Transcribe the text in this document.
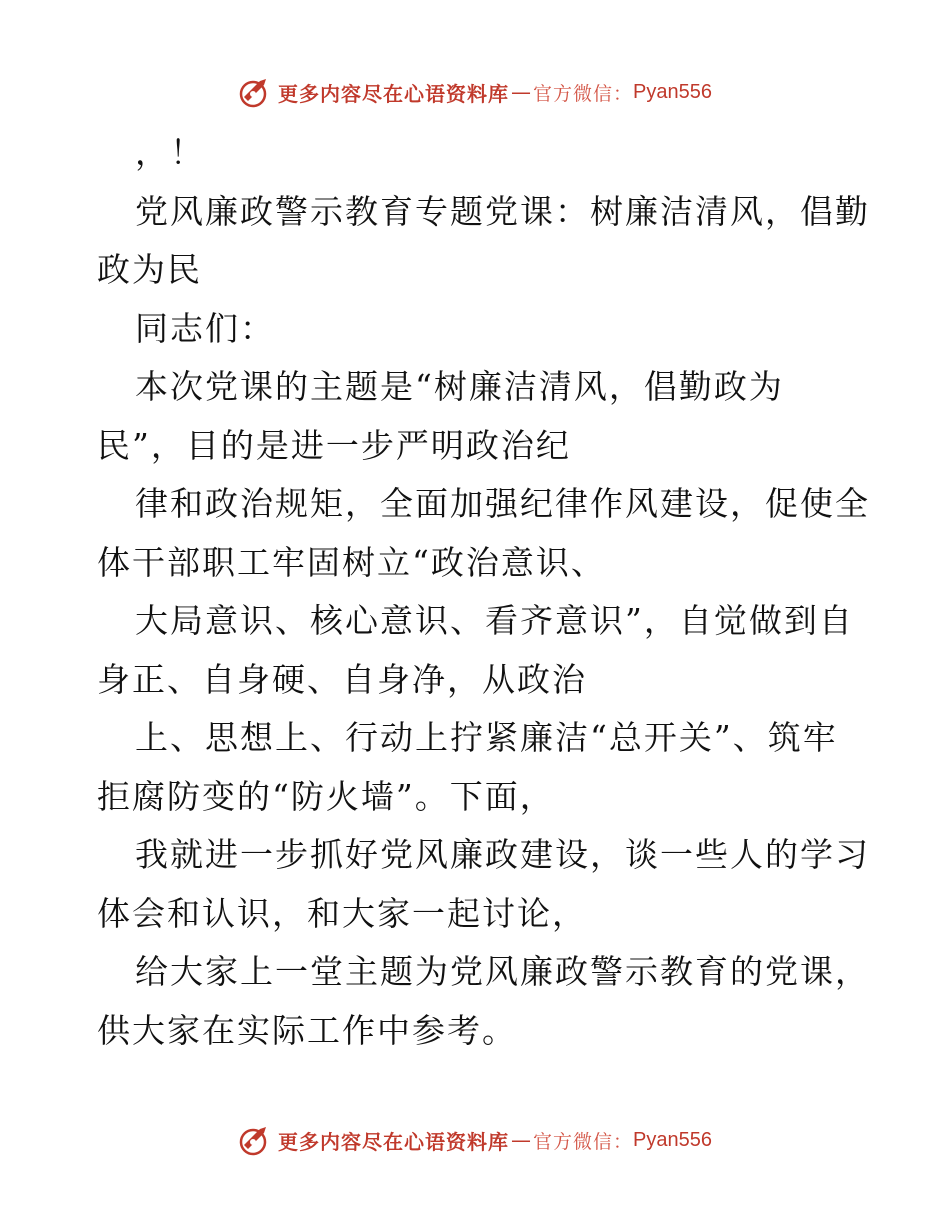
更多内容尽在心语资料库 — 官方微信： Pyan556
，！
党风廉政警示教育专题党课：树廉洁清风，倡勤
政为民
同志们：
本次党课的主题是“树廉洁清风，倡勤政为
民”，目的是进一步严明政治纪
律和政治规矩，全面加强纪律作风建设，促使全
体干部职工牢固树立“政治意识、
大局意识、核心意识、看齐意识”，自觉做到自
身正、自身硬、自身净，从政治
上、思想上、行动上拧紧廉洁“总开关”、筑牢
拒腐防变的“防火墙”。下面，
我就进一步抓好党风廉政建设，谈一些人的学习
体会和认识，和大家一起讨论，
给大家上一堂主题为党风廉政警示教育的党课，
供大家在实际工作中参考。
更多内容尽在心语资料库 — 官方微信： Pyan556
